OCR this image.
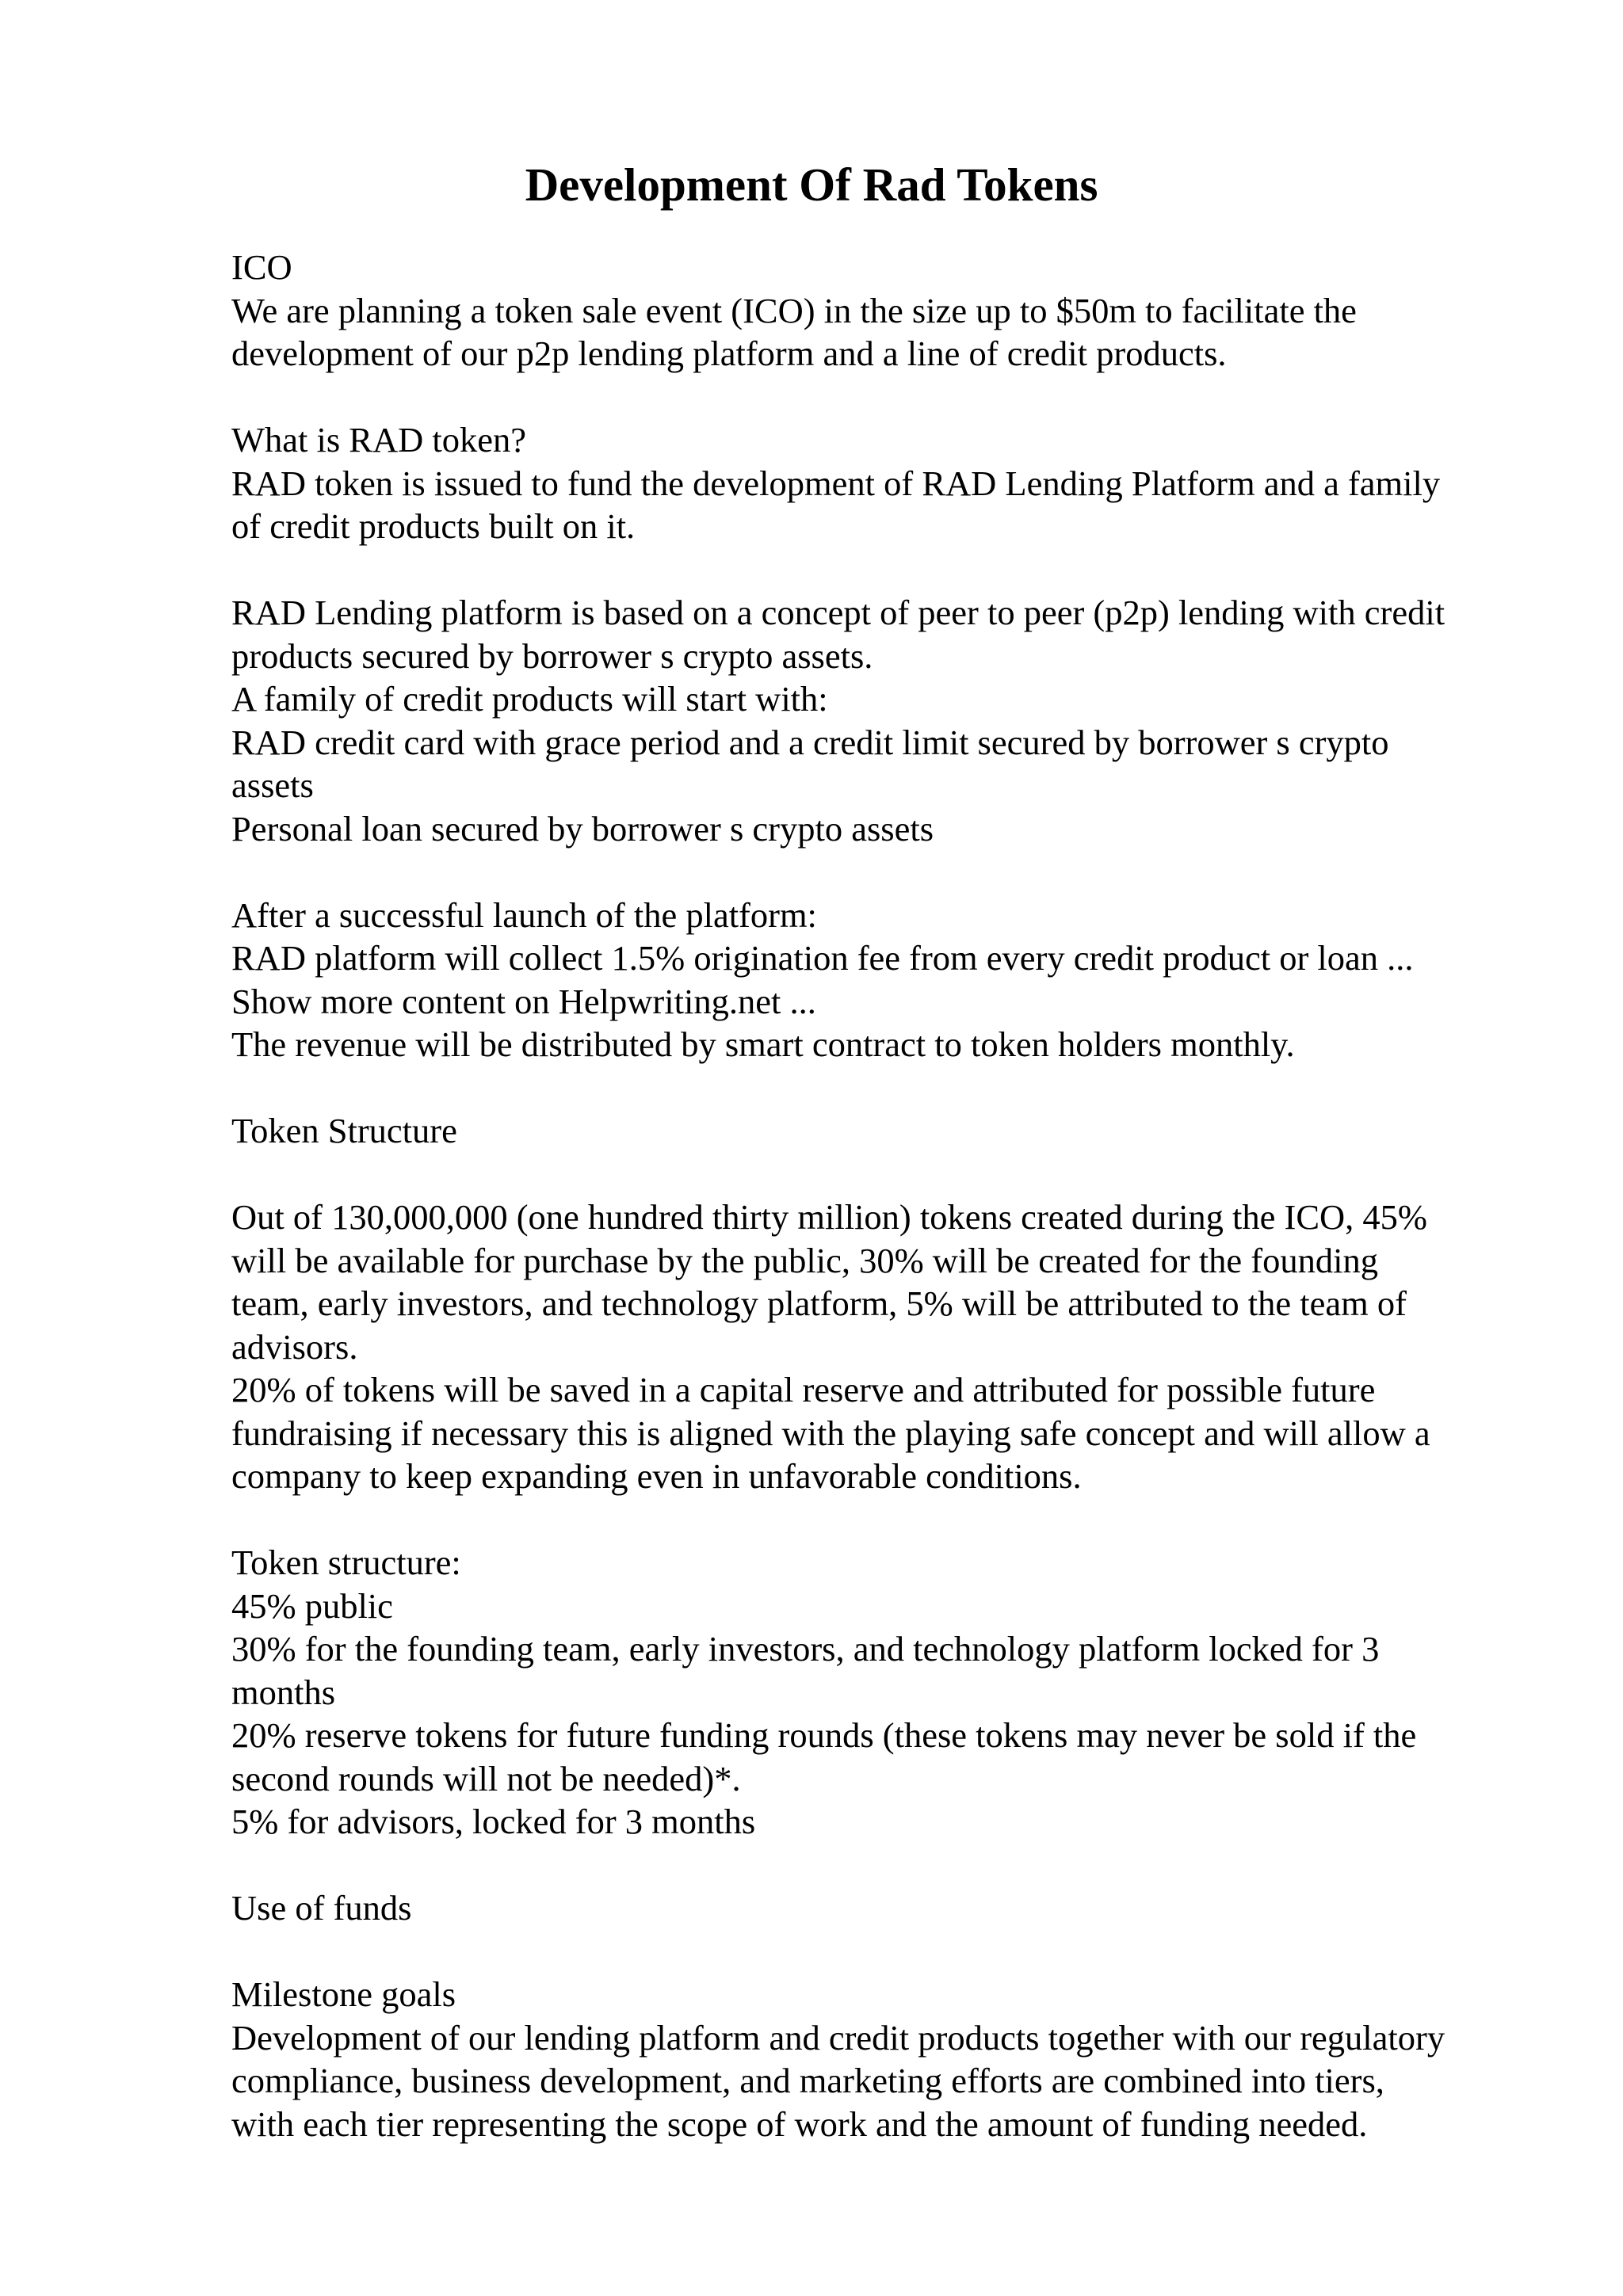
Development Of Rad Tokens
ICO
We are planning a token sale event (ICO) in the size up to $50m to facilitate the
development of our p2p lending platform and a line of credit products.
What is RAD token?
RAD token is issued to fund the development of RAD Lending Platform and a family
of credit products built on it.
RAD Lending platform is based on a concept of peer to peer (p2p) lending with credit
products secured by borrower s crypto assets.
A family of credit products will start with:
RAD credit card with grace period and a credit limit secured by borrower s crypto
assets
Personal loan secured by borrower s crypto assets
After a successful launch of the platform:
RAD platform will collect 1.5% origination fee from every credit product or loan ...
Show more content on Helpwriting.net ...
The revenue will be distributed by smart contract to token holders monthly.
Token Structure
Out of 130,000,000 (one hundred thirty million) tokens created during the ICO, 45%
will be available for purchase by the public, 30% will be created for the founding
team, early investors, and technology platform, 5% will be attributed to the team of
advisors.
20% of tokens will be saved in a capital reserve and attributed for possible future
fundraising if necessary this is aligned with the playing safe concept and will allow a
company to keep expanding even in unfavorable conditions.
Token structure:
45% public
30% for the founding team, early investors, and technology platform locked for 3
months
20% reserve tokens for future funding rounds (these tokens may never be sold if the
second rounds will not be needed)*.
5% for advisors, locked for 3 months
Use of funds
Milestone goals
Development of our lending platform and credit products together with our regulatory
compliance, business development, and marketing efforts are combined into tiers,
with each tier representing the scope of work and the amount of funding needed.
